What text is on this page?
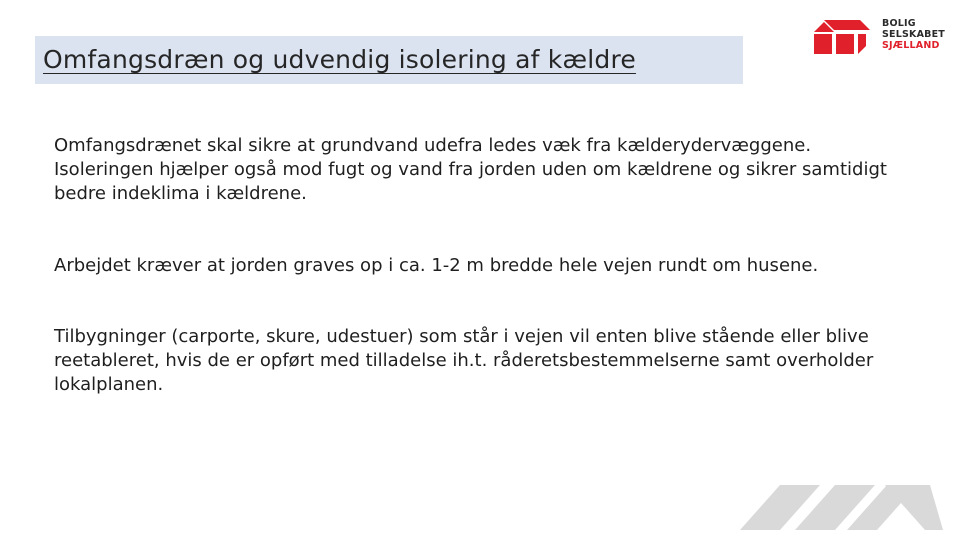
Omfangsdræn og udvendig isolering af kældre
BOLIG
SELSKABET
SJÆLLAND

Omfangsdrænet skal sikre at grundvand udefra ledes væk fra kælderydervæggene. Isoleringen hjælper også mod fugt og vand fra jorden uden om kældrene og sikrer samtidigt bedre indeklima i kældrene.

Arbejdet kræver at jorden graves op i ca. 1-2 m bredde hele vejen rundt om husene.

Tilbygninger (carporte, skure, udestuer) som står i vejen vil enten blive stående eller blive reetableret, hvis de er opført med tilladelse ih.t. råderetsbestemmelserne samt overholder lokalplanen.
